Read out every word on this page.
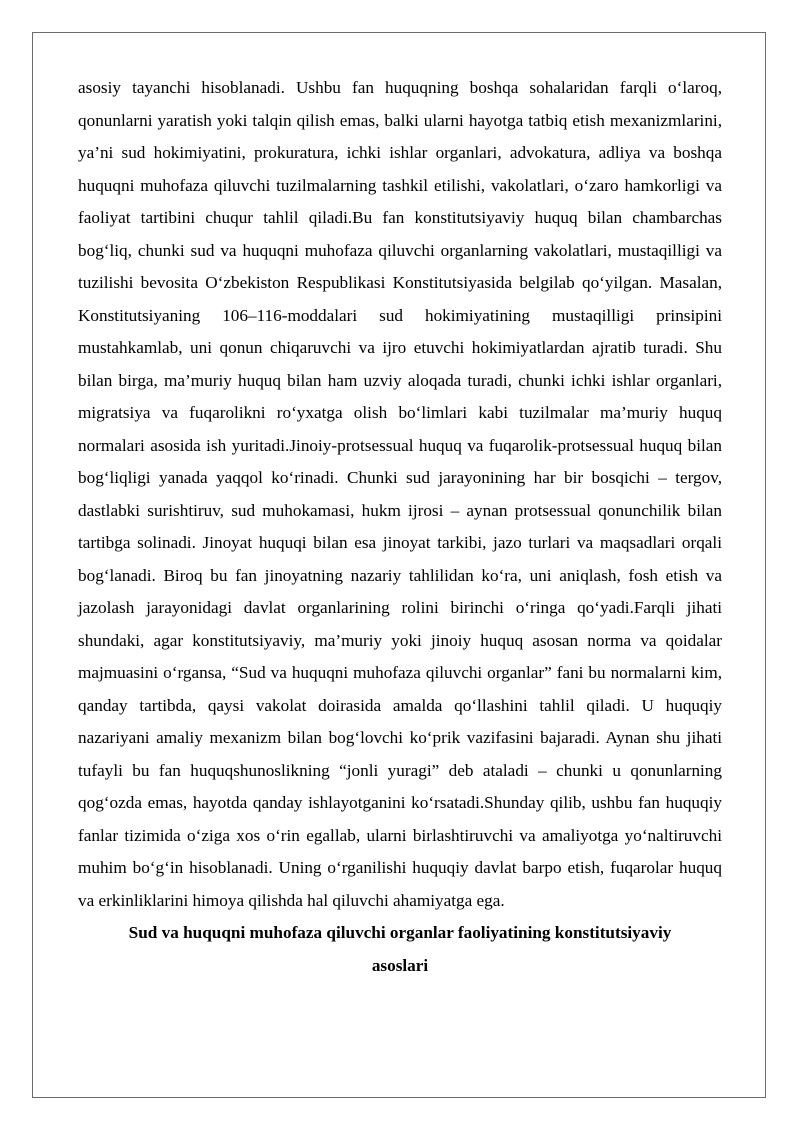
asosiy tayanchi hisoblanadi. Ushbu fan huquqning boshqa sohalaridan farqli o‘laroq, qonunlarni yaratish yoki talqin qilish emas, balki ularni hayotga tatbiq etish mexanizmlarini, ya’ni sud hokimiyatini, prokuratura, ichki ishlar organlari, advokatura, adliya va boshqa huquqni muhofaza qiluvchi tuzilmalarning tashkil etilishi, vakolatlari, o‘zaro hamkorligi va faoliyat tartibini chuqur tahlil qiladi.Bu fan konstitutsiyaviy huquq bilan chambarchas bog‘liq, chunki sud va huquqni muhofaza qiluvchi organlarning vakolatlari, mustaqilligi va tuzilishi bevosita O‘zbekiston Respublikasi Konstitutsiyasida belgilab qo‘yilgan. Masalan, Konstitutsiyaning 106–116-moddalari sud hokimiyatining mustaqilligi prinsipini mustahkamlab, uni qonun chiqaruvchi va ijro etuvchi hokimiyatlardan ajratib turadi. Shu bilan birga, ma’muriy huquq bilan ham uzviy aloqada turadi, chunki ichki ishlar organlari, migratsiya va fuqarolikni ro‘yxatga olish bo‘limlari kabi tuzilmalar ma’muriy huquq normalari asosida ish yuritadi.Jinoiy-protsessual huquq va fuqarolik-protsessual huquq bilan bog‘liqligi yanada yaqqol ko‘rinadi. Chunki sud jarayonining har bir bosqichi – tergov, dastlabki surishtiruv, sud muhokamasi, hukm ijrosi – aynan protsessual qonunchilik bilan tartibga solinadi. Jinoyat huquqi bilan esa jinoyat tarkibi, jazo turlari va maqsadlari orqali bog‘lanadi. Biroq bu fan jinoyatning nazariy tahlilidan ko‘ra, uni aniqlash, fosh etish va jazolash jarayonidagi davlat organlarining rolini birinchi o‘ringa qo‘yadi.Farqli jihati shundaki, agar konstitutsiyaviy, ma’muriy yoki jinoiy huquq asosan norma va qoidalar majmuasini o‘rgansa, “Sud va huquqni muhofaza qiluvchi organlar” fani bu normalarni kim, qanday tartibda, qaysi vakolat doirasida amalda qo‘llashini tahlil qiladi. U huquqiy nazariyani amaliy mexanizm bilan bog‘lovchi ko‘prik vazifasini bajaradi. Aynan shu jihati tufayli bu fan huquqshunoslikning “jonli yuragi” deb ataladi – chunki u qonunlarning qog‘ozda emas, hayotda qanday ishlayotganini ko‘rsatadi.Shunday qilib, ushbu fan huquqiy fanlar tizimida o‘ziga xos o‘rin egallab, ularni birlashtiruvchi va amaliyotga yo‘naltiruvchi muhim bo‘g‘in hisoblanadi. Uning o‘rganilishi huquqiy davlat barpo etish, fuqarolar huquq va erkinliklarini himoya qilishda hal qiluvchi ahamiyatga ega.

Sud va huquqni muhofaza qiluvchi organlar faoliyatining konstitutsiyaviy
asoslari
